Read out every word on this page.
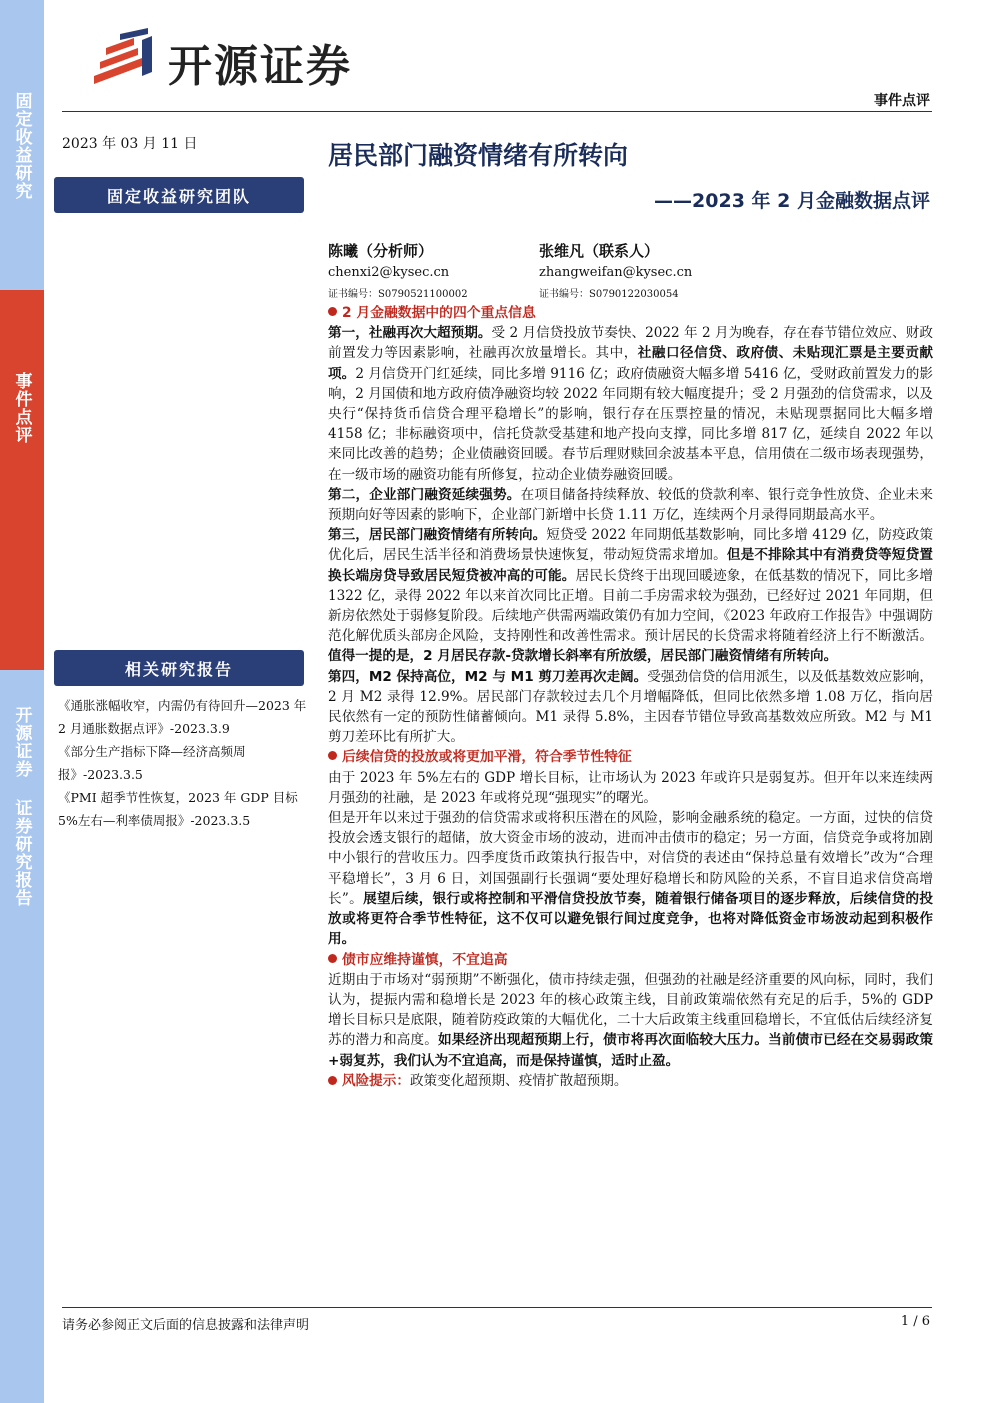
固定收益研究
事件点评
开源证券 证券研究报告
开源证券
事件点评
2023 年 03 月 11 日	居民部门融资情绪有所转向
——2023 年 2 月金融数据点评
固定收益研究团队
陈曦（分析师）
chenxi2@kysec.cn
证书编号：S0790521100002
张维凡（联系人）
zhangweifan@kysec.cn
证书编号：S0790122030054
相关研究报告
《通胀涨幅收窄，内需仍有待回升—2023 年 2 月通胀数据点评》-2023.3.9
《部分生产指标下降—经济高频周报》-2023.3.5
《PMI 超季节性恢复，2023 年 GDP 目标 5%左右—利率债周报》-2023.3.5

2 月金融数据中的四个重点信息

第一，社融再次大超预期。受 2 月信贷投放节奏快、2022 年 2 月为晚春，存在春节错位效应、财政前置发力等因素影响，社融再次放量增长。其中，社融口径信贷、政府债、未贴现汇票是主要贡献项。2 月信贷开门红延续，同比多增 9116 亿；政府债融资大幅多增 5416 亿，受财政前置发力的影响，2 月国债和地方政府债净融资均较 2022 年同期有较大幅度提升；受 2 月强劲的信贷需求，以及央行“保持货币信贷合理平稳增长”的影响，银行存在压票控量的情况，未贴现票据同比大幅多增 4158 亿；非标融资项中，信托贷款受基建和地产投向支撑，同比多增 817 亿，延续自 2022 年以来同比改善的趋势；企业债融资回暖。春节后理财赎回余波基本平息，信用债在二级市场表现强势，在一级市场的融资功能有所修复，拉动企业债券融资回暖。

第二，企业部门融资延续强势。在项目储备持续释放、较低的贷款利率、银行竞争性放贷、企业未来预期向好等因素的影响下，企业部门新增中长贷 1.11 万亿，连续两个月录得同期最高水平。

第三，居民部门融资情绪有所转向。短贷受 2022 年同期低基数影响，同比多增 4129 亿，防疫政策优化后，居民生活半径和消费场景快速恢复，带动短贷需求增加。但是不排除其中有消费贷等短贷置换长端房贷导致居民短贷被冲高的可能。居民长贷终于出现回暖迹象，在低基数的情况下，同比多增 1322 亿，录得 2022 年以来首次同比正增。目前二手房需求较为强劲，已经好过 2021 年同期，但新房依然处于弱修复阶段。后续地产供需两端政策仍有加力空间，《2023 年政府工作报告》中强调防范化解优质头部房企风险，支持刚性和改善性需求。预计居民的长贷需求将随着经济上行不断激活。值得一提的是，2 月居民存款-贷款增长斜率有所放缓，居民部门融资情绪有所转向。

第四，M2 保持高位，M2 与 M1 剪刀差再次走阔。受强劲信贷的信用派生，以及低基数效应影响，2 月 M2 录得 12.9%。居民部门存款较过去几个月增幅降低，但同比依然多增 1.08 万亿，指向居民依然有一定的预防性储蓄倾向。M1 录得 5.8%，主因春节错位导致高基数效应所致。M2 与 M1 剪刀差环比有所扩大。

后续信贷的投放或将更加平滑，符合季节性特征

由于 2023 年 5%左右的 GDP 增长目标，让市场认为 2023 年或许只是弱复苏。但开年以来连续两月强劲的社融，是 2023 年或将兑现“强现实”的曙光。

但是开年以来过于强劲的信贷需求或将积压潜在的风险，影响金融系统的稳定。一方面，过快的信贷投放会透支银行的超储，放大资金市场的波动，进而冲击债市的稳定；另一方面，信贷竞争或将加剧中小银行的营收压力。四季度货币政策执行报告中，对信贷的表述由“保持总量有效增长”改为“合理平稳增长”，3 月 6 日，刘国强副行长强调“要处理好稳增长和防风险的关系，不盲目追求信贷高增长”。展望后续，银行或将控制和平滑信贷投放节奏，随着银行储备项目的逐步释放，后续信贷的投放或将更符合季节性特征，这不仅可以避免银行间过度竞争，也将对降低资金市场波动起到积极作用。

债市应维持谨慎，不宜追高

近期由于市场对“弱预期”不断强化，债市持续走强，但强劲的社融是经济重要的风向标，同时，我们认为，提振内需和稳增长是 2023 年的核心政策主线，目前政策端依然有充足的后手，5%的 GDP 增长目标只是底限，随着防疫政策的大幅优化，二十大后政策主线重回稳增长，不宜低估后续经济复苏的潜力和高度。如果经济出现超预期上行，债市将再次面临较大压力。当前债市已经在交易弱政策+弱复苏，我们认为不宜追高，而是保持谨慎，适时止盈。

风险提示：政策变化超预期、疫情扩散超预期。

请务必参阅正文后面的信息披露和法律声明	1 / 6
